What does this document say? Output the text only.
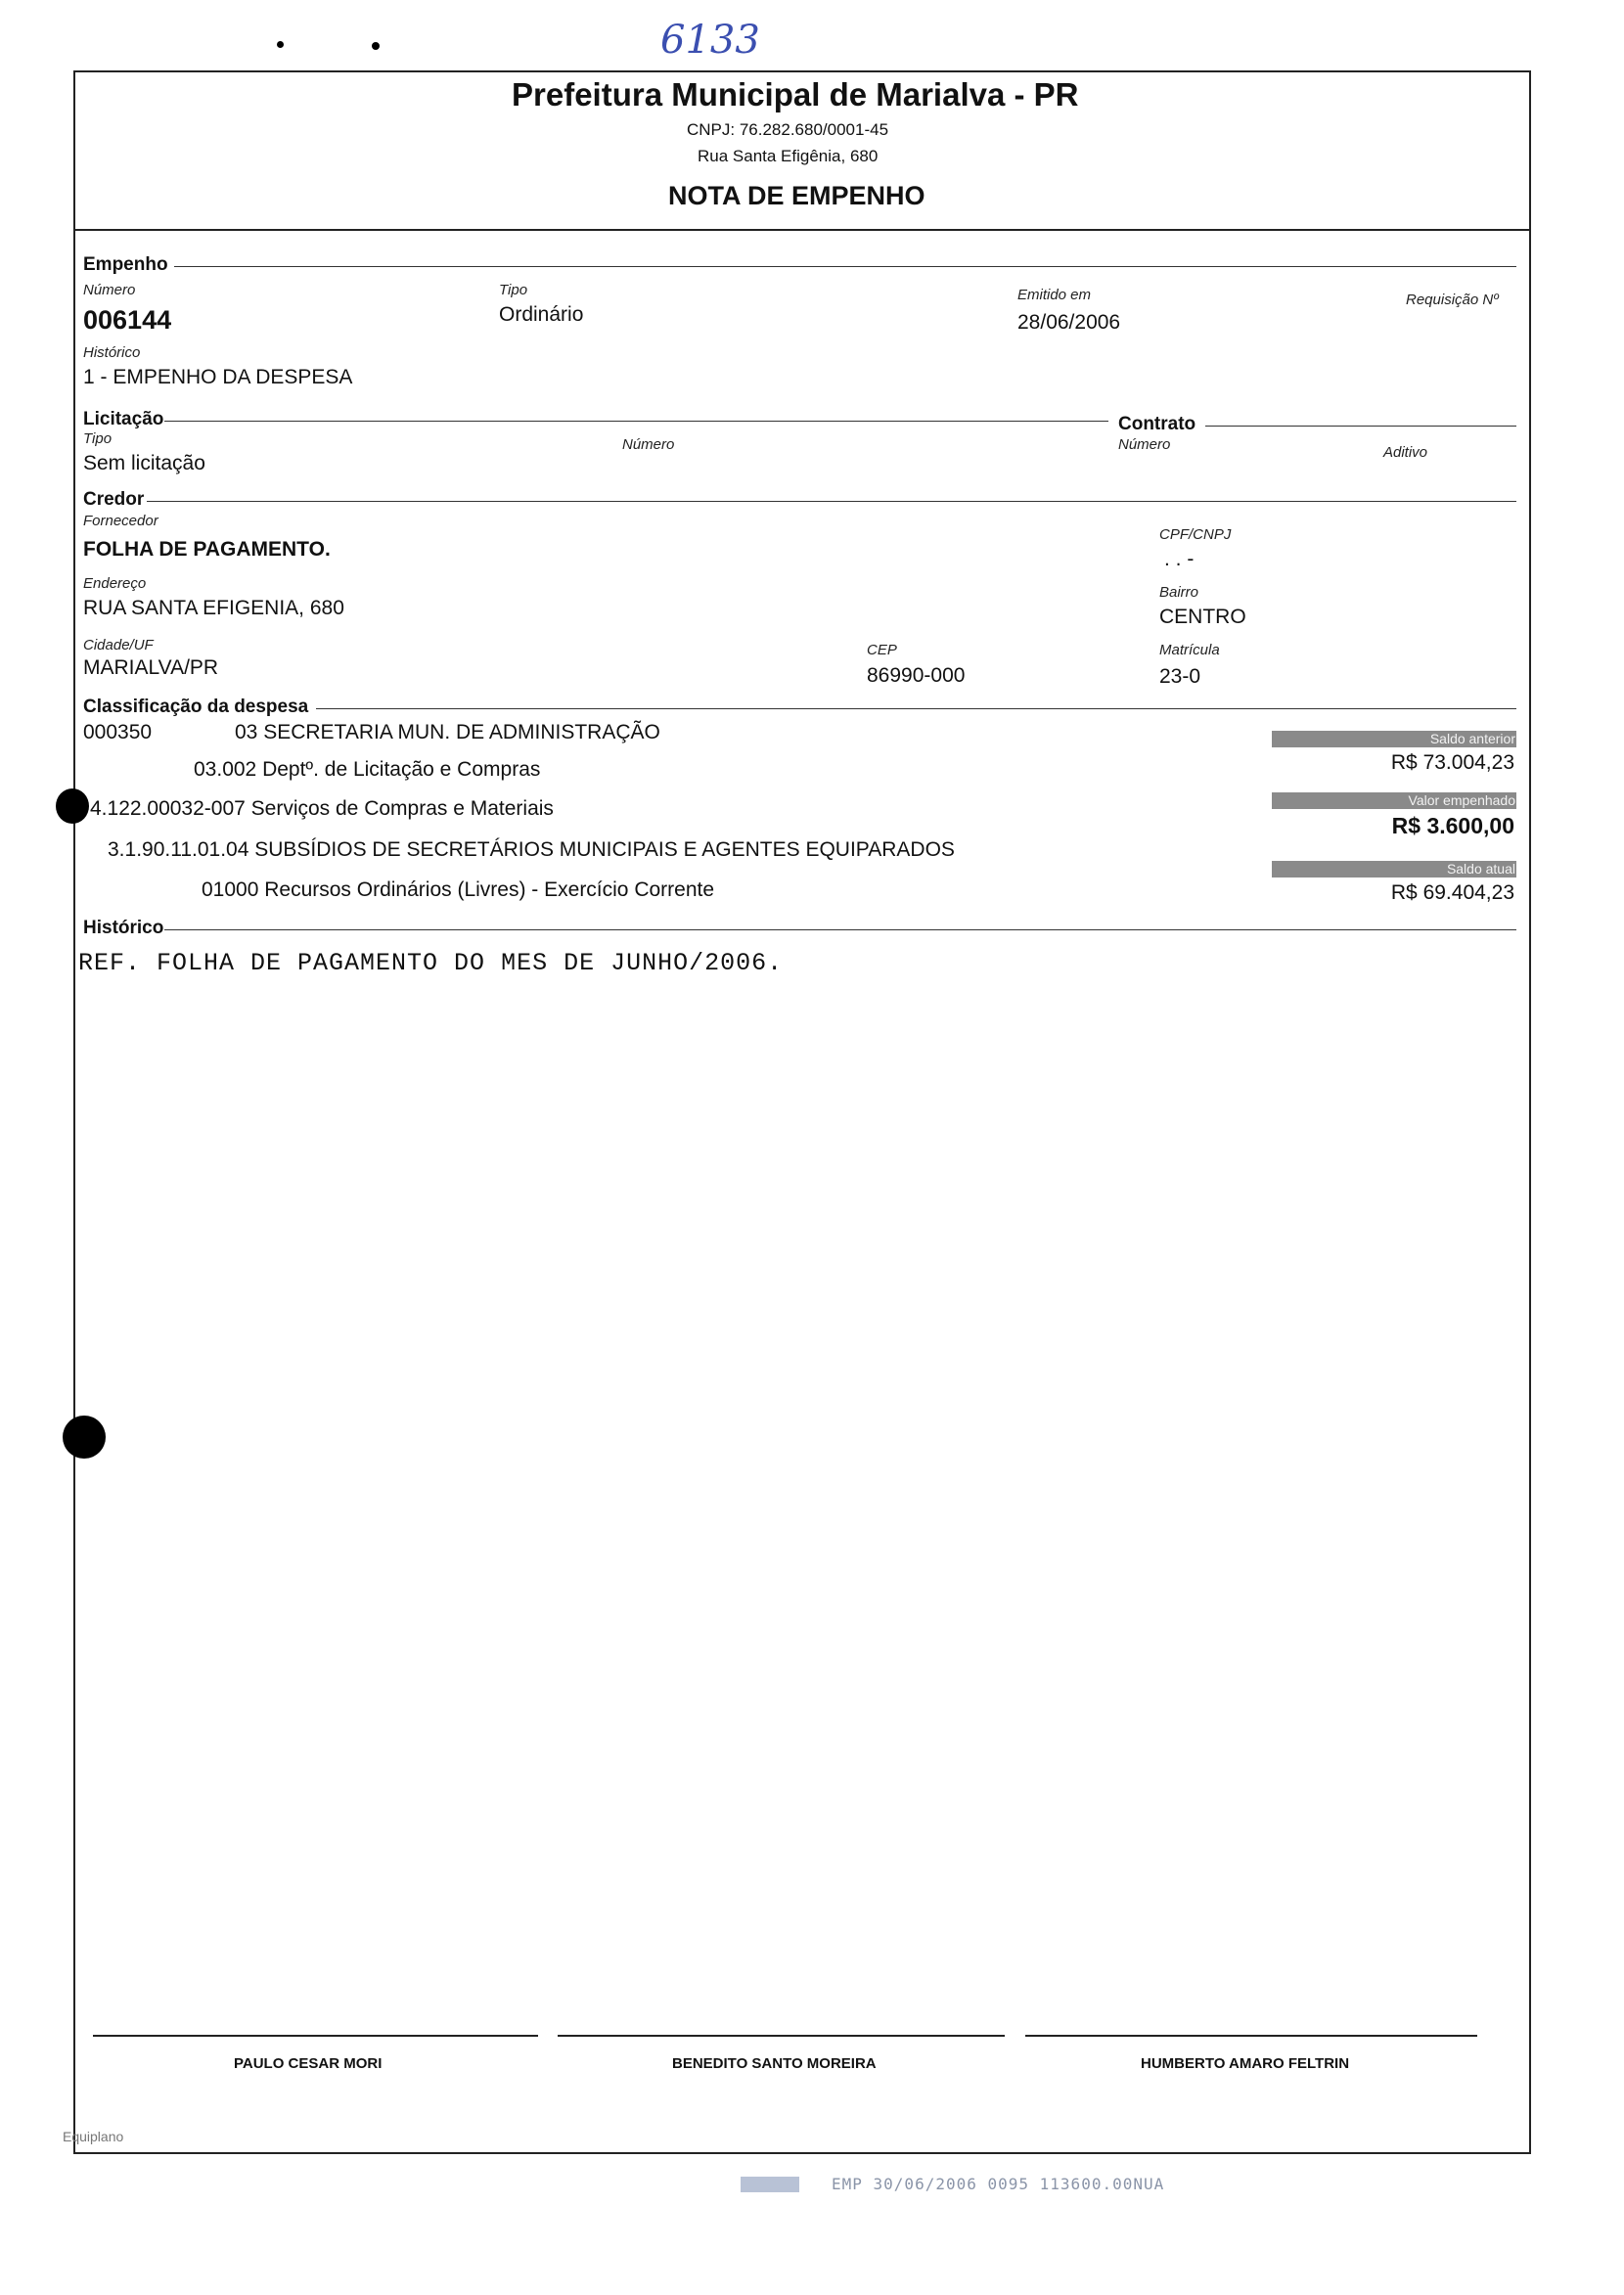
6133
Prefeitura Municipal de Marialva - PR
CNPJ: 76.282.680/0001-45
Rua Santa Efigênia, 680
NOTA DE EMPENHO
Empenho
Número
006144
Tipo
Ordinário
Emitido em
28/06/2006
Requisição Nº
Histórico
1 - EMPENHO DA DESPESA
Licitação	Contrato
Tipo
Sem licitação
Número	Número	Aditivo
Credor
Fornecedor
FOLHA DE PAGAMENTO.
CPF/CNPJ
. . -
Endereço
RUA SANTA EFIGENIA, 680
Bairro
CENTRO
Cidade/UF
MARIALVA/PR
CEP
86990-000
Matrícula
23-0
Classificação da despesa
000350	03 SECRETARIA MUN. DE ADMINISTRAÇÃO
03.002 Deptº. de Licitação e Compras
4.122.00032-007 Serviços de Compras e Materiais
3.1.90.11.01.04 SUBSÍDIOS DE SECRETÁRIOS MUNICIPAIS E AGENTES EQUIPARADOS
01000 Recursos Ordinários (Livres) - Exercício Corrente
Saldo anterior
R$ 73.004,23
Valor empenhado
R$ 3.600,00
Saldo atual
R$ 69.404,23
Histórico
REF. FOLHA DE PAGAMENTO DO MES DE JUNHO/2006.
PAULO CESAR MORI	BENEDITO SANTO MOREIRA	HUMBERTO AMARO FELTRIN
Equiplano
EMP 30/06/2006 0095 113600.00NUA
